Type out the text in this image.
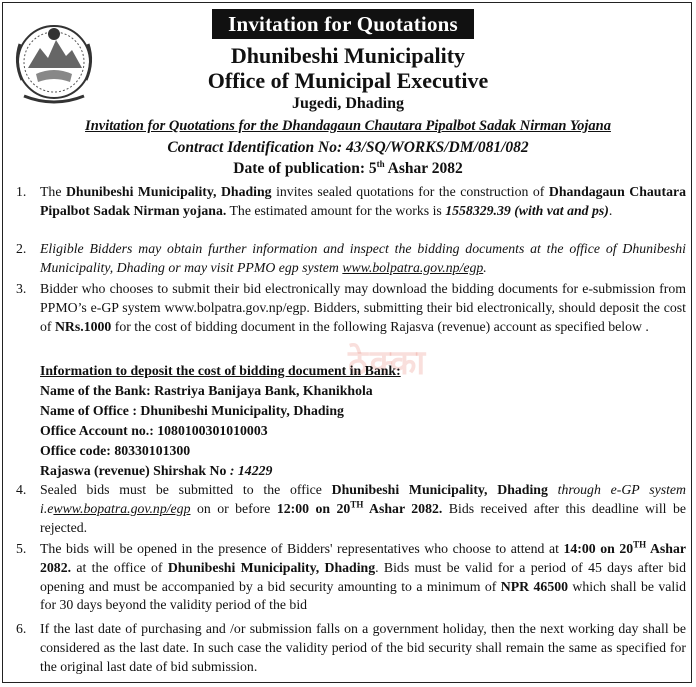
Invitation for Quotations
Dhunibeshi Municipality
Office of Municipal Executive
Jugedi, Dhading
Invitation for Quotations for the Dhandagaun Chautara Pipalbot Sadak Nirman Yojana
Contract Identification No: 43/SQ/WORKS/DM/081/082
Date of publication: 5th Ashar 2082
1. The Dhunibeshi Municipality, Dhading invites sealed quotations for the construction of Dhandagaun Chautara Pipalbot Sadak Nirman yojana. The estimated amount for the works is 1558329.39 (with vat and ps).
2. Eligible Bidders may obtain further information and inspect the bidding documents at the office of Dhunibeshi Municipality, Dhading or may visit PPMO egp system www.bolpatra.gov.np/egp.
3. Bidder who chooses to submit their bid electronically may download the bidding documents for e-submission from PPMO’s e-GP system www.bolpatra.gov.np/egp. Bidders, submitting their bid electronically, should deposit the cost of NRs.1000 for the cost of bidding document in the following Rajasva (revenue) account as specified below .
ठेक्का
Information to deposit the cost of bidding document in Bank:
Name of the Bank: Rastriya Banijaya Bank, Khanikhola
Name of Office : Dhunibeshi Municipality, Dhading
Office Account no.: 1080100301010003
Office code: 80330101300
Rajaswa (revenue) Shirshak No : 14229
4. Sealed bids must be submitted to the office Dhunibeshi Municipality, Dhading through e-GP system i.ewww.bopatra.gov.np/egp on or before 12:00 on 20TH Ashar 2082. Bids received after this deadline will be rejected.
5. The bids will be opened in the presence of Bidders' representatives who choose to attend at 14:00 on 20TH Ashar 2082. at the office of Dhunibeshi Municipality, Dhading. Bids must be valid for a period of 45 days after bid opening and must be accompanied by a bid security amounting to a minimum of NPR 46500 which shall be valid for 30 days beyond the validity period of the bid
6. If the last date of purchasing and /or submission falls on a government holiday, then the next working day shall be considered as the last date. In such case the validity period of the bid security shall remain the same as specified for the original last date of bid submission.
